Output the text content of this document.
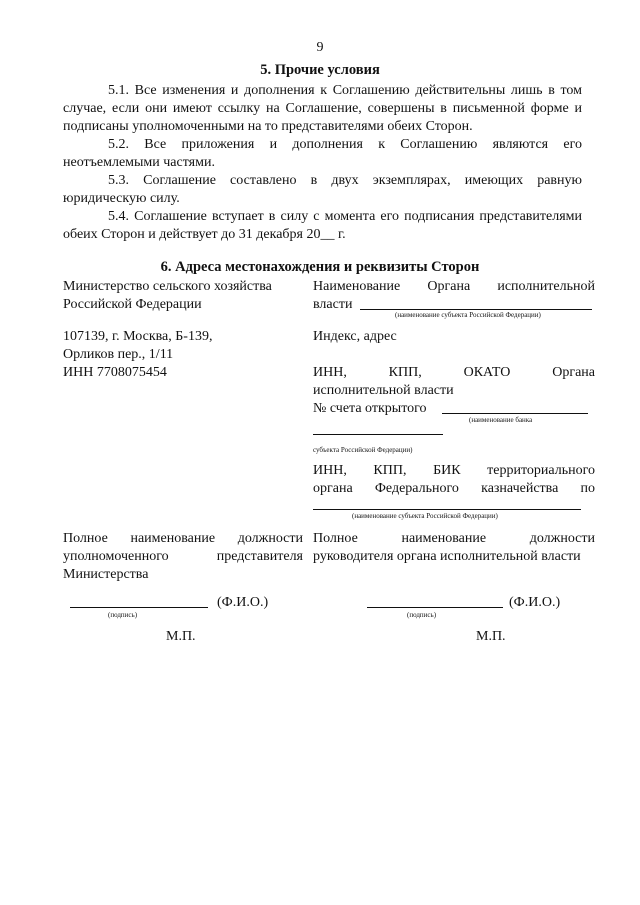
9
5. Прочие условия
5.1. Все изменения и дополнения к Соглашению действительны лишь в том случае, если они имеют ссылку на Соглашение, совершены в письменной форме и подписаны уполномоченными на то представителями обеих Сторон.
5.2. Все приложения и дополнения к Соглашению являются его неотъемлемыми частями.
5.3. Соглашение составлено в двух экземплярах, имеющих равную юридическую силу.
5.4. Соглашение вступает в силу с момента его подписания представителями обеих Сторон и действует до 31 декабря 20__ г.
6. Адреса местонахождения и реквизиты Сторон
Министерство сельского хозяйства Российской Федерации
107139, г. Москва, Б-139,
Орликов пер., 1/11
ИНН 7708075454
Наименование Органа исполнительной
власти
(наименование субъекта Российской Федерации)
Индекс, адрес
ИНН, КПП, ОКАТО Органа
исполнительной власти
№ счета открытого
(наименование банка
субъекта Российской Федерации)
ИНН, КПП, БИК территориального
органа Федерального казначейства по
(наименование субъекта Российской Федерации)
Полное наименование должности уполномоченного представителя Министерства
Полное наименование должности руководителя органа исполнительной власти
(Ф.И.О.)
(подпись)
М.П.
(Ф.И.О.)
(подпись)
М.П.
